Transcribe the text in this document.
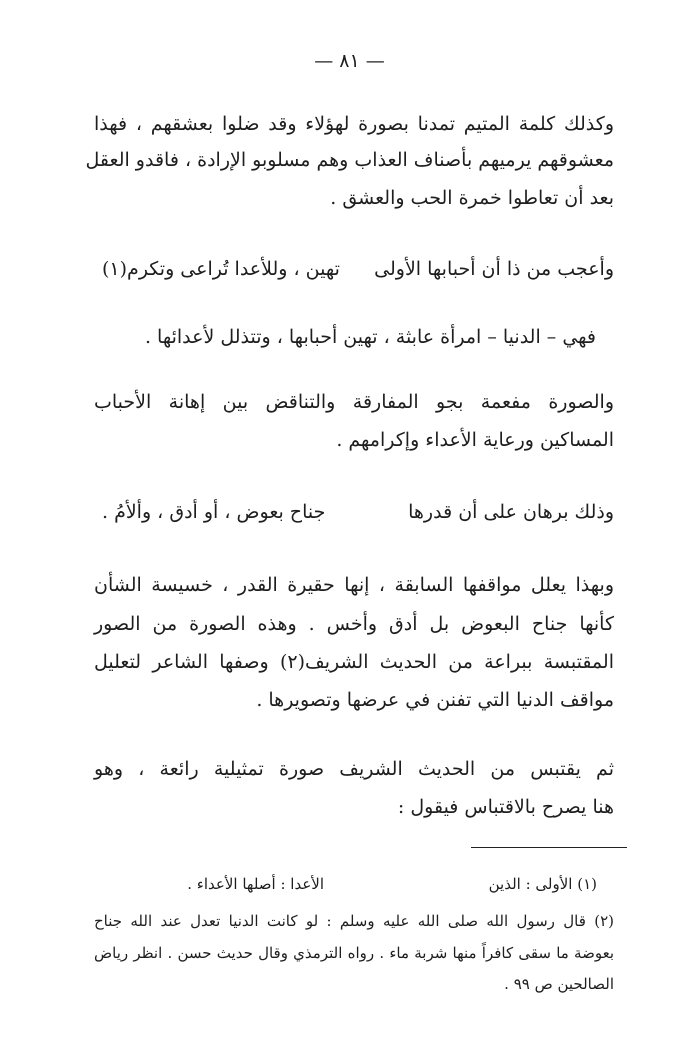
— ٨١ —
وكذلك كلمة المتيم تمدنا بصورة لهؤلاء وقد ضلوا بعشقهم ، فهذا
معشوقهم يرميهم بأصناف العذاب وهم مسلوبو الإرادة ، فاقدو العقل
بعد أن تعاطوا خمرة الحب والعشق .
وأعجب من ذا أن أحبابها الأولى
تهين ، وللأعدا تُراعى وتكرم(١)
فهي – الدنيا – امرأة عابثة ، تهين أحبابها ، وتتذلل لأعدائها .
والصورة مفعمة بجو المفارقة والتناقض بين إهانة الأحباب
المساكين ورعاية الأعداء وإكرامهم .
وذلك برهان على أن قدرها
جناح بعوض ، أو أدق ، وألأمُ .
وبهذا يعلل مواقفها السابقة ، إنها حقيرة القدر ، خسيسة الشأن
كأنها جناح البعوض بل أدق وأخس . وهذه الصورة من الصور
المقتبسة ببراعة من الحديث الشريف(٢) وصفها الشاعر لتعليل
مواقف الدنيا التي تفنن في عرضها وتصويرها .
ثم يقتبس من الحديث الشريف صورة تمثيلية رائعة ، وهو
هنا يصرح بالاقتباس فيقول :
(١) الأولى : الذين
الأعدا : أصلها الأعداء .
(٢) قال رسول الله صلى الله عليه وسلم : لو كانت الدنيا تعدل عند الله جناح
بعوضة ما سقى كافراً منها شربة ماء . رواه الترمذي وقال حديث حسن . انظر رياض
الصالحين ص ٩٩ .
